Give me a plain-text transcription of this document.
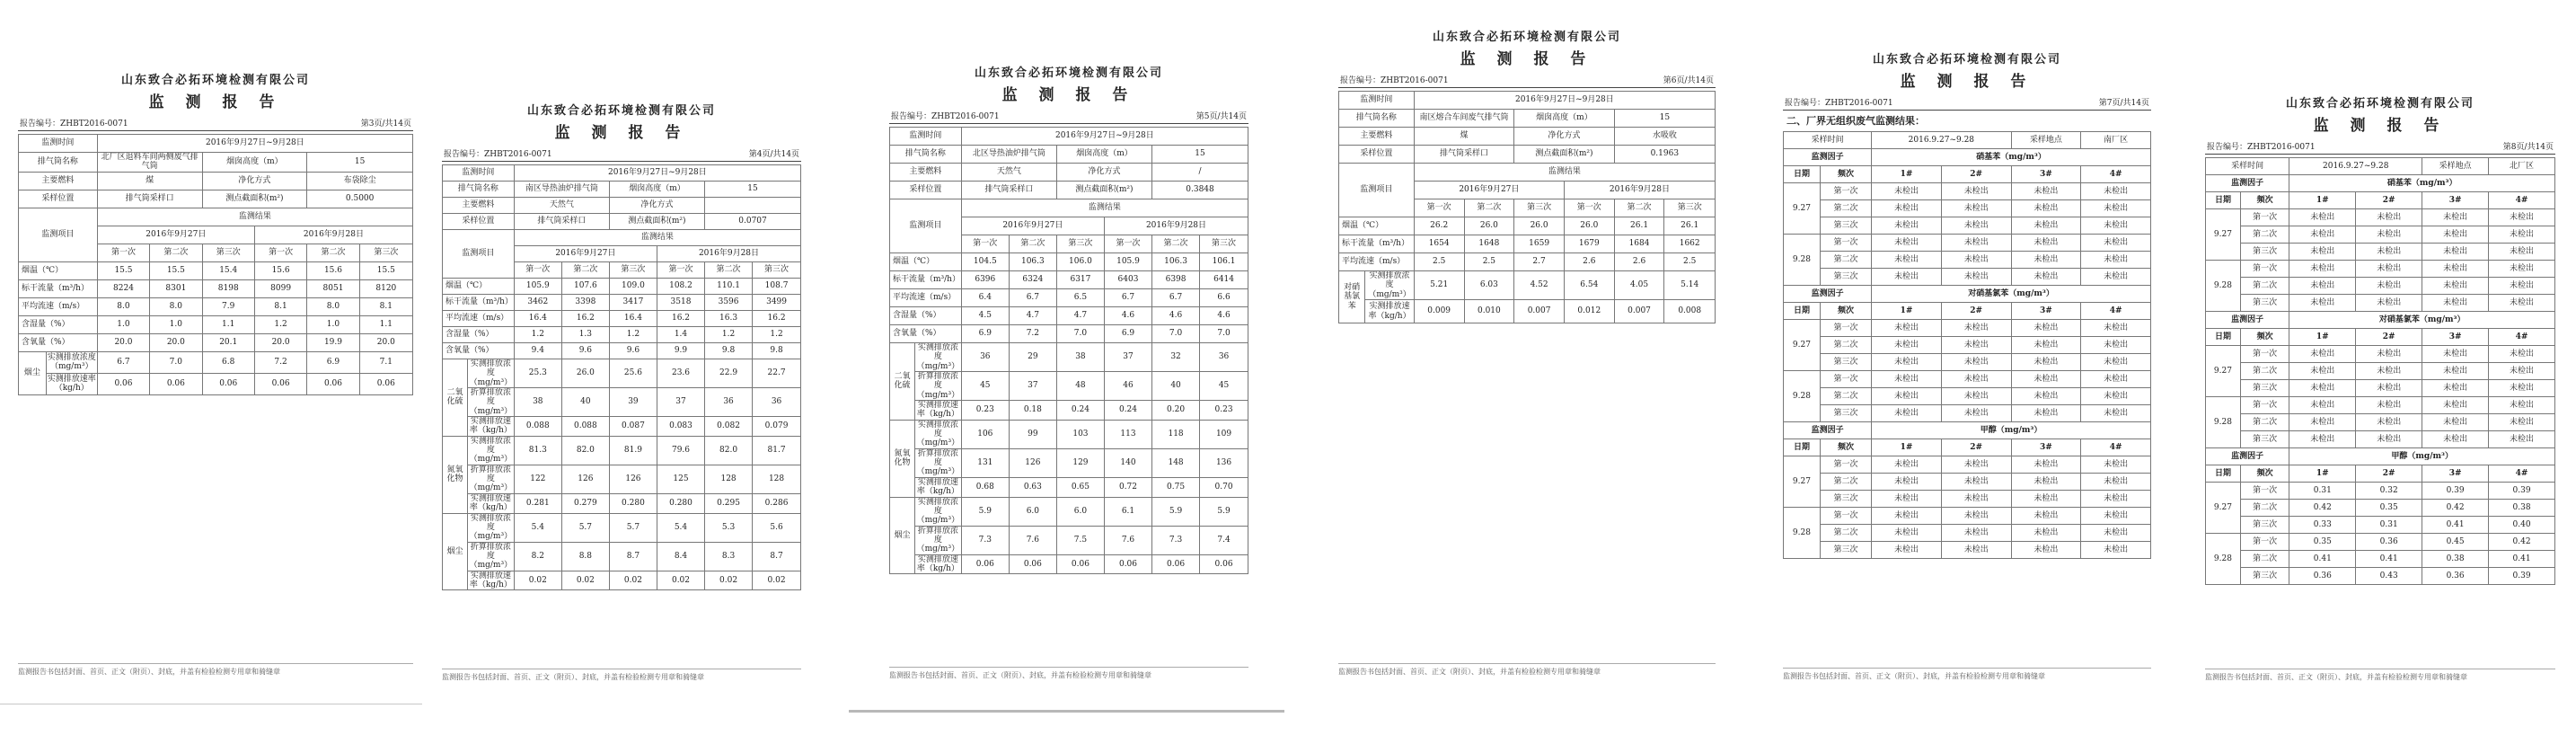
山东致合必拓环境检测有限公司
监 测 报 告
报告编号：ZHBT2016-0071	第3页/共14页
监测时间		2016年9月27日~9月28日					
排气筒名称		北厂区退料车间两侧废气排气筒		烟囱高度（m）		15	
主要燃料		煤		净化方式		布袋除尘	
采样位置		排气筒采样口		测点截面积(m²)		0.5000	
监测项目		监测结果					
		2016年9月27日			2016年9月28日		
		第一次	第二次	第三次	第一次	第二次	第三次
烟温（℃）		15.5	15.5	15.4	15.6	15.6	15.5
标干流量（m³/h）		8224	8301	8198	8099	8051	8120
平均流速（m/s）		8.0	8.0	7.9	8.1	8.0	8.1
含湿量（%）		1.0	1.0	1.1	1.2	1.0	1.1
含氧量（%）		20.0	20.0	20.1	20.0	19.9	20.0
烟尘	实测排放浓度（mg/m³）	6.7	7.0	6.8	7.2	6.9	7.1
	实测排放速率（kg/h）	0.06	0.06	0.06	0.06	0.06	0.06
监测报告书包括封面、首页、正文（附页）、封底，并盖有检验检测专用章和骑缝章
山东致合必拓环境检测有限公司
监 测 报 告
报告编号：ZHBT2016-0071	第4页/共14页
监测时间		2016年9月27日~9月28日					
排气筒名称		南区导热油炉排气筒		烟囱高度（m）		15	
主要燃料		天然气		净化方式			
采样位置		排气筒采样口		测点截面积(m²)		0.0707	
监测项目		监测结果					
		2016年9月27日			2016年9月28日		
		第一次	第二次	第三次	第一次	第二次	第三次
烟温（℃）		105.9	107.6	109.0	108.2	110.1	108.7
标干流量（m³/h）		3462	3398	3417	3518	3596	3499
平均流速（m/s）		16.4	16.2	16.4	16.2	16.3	16.2
含湿量（%）		1.2	1.3	1.2	1.4	1.2	1.2
含氧量（%）		9.4	9.6	9.6	9.9	9.8	9.8
二氧化硫	实测排放浓度（mg/m³）	25.3	26.0	25.6	23.6	22.9	22.7
	折算排放浓度（mg/m³）	38	40	39	37	36	36
	实测排放速率（kg/h）	0.088	0.088	0.087	0.083	0.082	0.079
氮氧化物	实测排放浓度（mg/m³）	81.3	82.0	81.9	79.6	82.0	81.7
	折算排放浓度（mg/m³）	122	126	126	125	128	128
	实测排放速率（kg/h）	0.281	0.279	0.280	0.280	0.295	0.286
烟尘	实测排放浓度（mg/m³）	5.4	5.7	5.7	5.4	5.3	5.6
	折算排放浓度（mg/m³）	8.2	8.8	8.7	8.4	8.3	8.7
	实测排放速率（kg/h）	0.02	0.02	0.02	0.02	0.02	0.02
监测报告书包括封面、首页、正文（附页）、封底，并盖有检验检测专用章和骑缝章
山东致合必拓环境检测有限公司
监 测 报 告
报告编号：ZHBT2016-0071	第5页/共14页
监测时间		2016年9月27日~9月28日					
排气筒名称		北区导热油炉排气筒		烟囱高度（m）		15	
主要燃料		天然气		净化方式		/	
采样位置		排气筒采样口		测点截面积(m²)		0.3848	
监测项目		监测结果					
		2016年9月27日			2016年9月28日		
		第一次	第二次	第三次	第一次	第二次	第三次
烟温（℃）		104.5	106.3	106.0	105.9	106.3	106.1
标干流量（m³/h）		6396	6324	6317	6403	6398	6414
平均流速（m/s）		6.4	6.7	6.5	6.7	6.7	6.6
含湿量（%）		4.5	4.7	4.7	4.6	4.6	4.6
含氧量（%）		6.9	7.2	7.0	6.9	7.0	7.0
二氧化硫	实测排放浓度（mg/m³）	36	29	38	37	32	36
	折算排放浓度（mg/m³）	45	37	48	46	40	45
	实测排放速率（kg/h）	0.23	0.18	0.24	0.24	0.20	0.23
氮氧化物	实测排放浓度（mg/m³）	106	99	103	113	118	109
	折算排放浓度（mg/m³）	131	126	129	140	148	136
	实测排放速率（kg/h）	0.68	0.63	0.65	0.72	0.75	0.70
烟尘	实测排放浓度（mg/m³）	5.9	6.0	6.0	6.1	5.9	5.9
	折算排放浓度（mg/m³）	7.3	7.6	7.5	7.6	7.3	7.4
	实测排放速率（kg/h）	0.06	0.06	0.06	0.06	0.06	0.06
监测报告书包括封面、首页、正文（附页）、封底，并盖有检验检测专用章和骑缝章
山东致合必拓环境检测有限公司
监 测 报 告
报告编号：ZHBT2016-0071	第6页/共14页
监测时间		2016年9月27日~9月28日					
排气筒名称		南区熔合车间废气排气筒		烟囱高度（m）		15	
主要燃料		煤		净化方式		水吸收	
采样位置		排气筒采样口		测点截面积(m²)		0.1963	
监测项目		监测结果					
		2016年9月27日			2016年9月28日		
		第一次	第二次	第三次	第一次	第二次	第三次
烟温（℃）		26.2	26.0	26.0	26.0	26.1	26.1
标干流量（m³/h）		1654	1648	1659	1679	1684	1662
平均流速（m/s）		2.5	2.5	2.7	2.6	2.6	2.5
对硝基氯苯	实测排放浓度（mg/m³）	5.21	6.03	4.52	6.54	4.05	5.14
	实测排放速率（kg/h）	0.009	0.010	0.007	0.012	0.007	0.008
监测报告书包括封面、首页、正文（附页）、封底，并盖有检验检测专用章和骑缝章
山东致合必拓环境检测有限公司
监 测 报 告
报告编号：ZHBT2016-0071	第7页/共14页
二、厂界无组织废气监测结果：
采样时间		2016.9.27~9.28		采样地点	南厂区
监测因子		硝基苯（mg/m³）			
日期	频次	1#	2#	3#	4#
9.27	第一次	未检出	未检出	未检出	未检出
	第二次	未检出	未检出	未检出	未检出
	第三次	未检出	未检出	未检出	未检出
9.28	第一次	未检出	未检出	未检出	未检出
	第二次	未检出	未检出	未检出	未检出
	第三次	未检出	未检出	未检出	未检出
监测因子		对硝基氯苯（mg/m³）			
日期	频次	1#	2#	3#	4#
9.27	第一次	未检出	未检出	未检出	未检出
	第二次	未检出	未检出	未检出	未检出
	第三次	未检出	未检出	未检出	未检出
9.28	第一次	未检出	未检出	未检出	未检出
	第二次	未检出	未检出	未检出	未检出
	第三次	未检出	未检出	未检出	未检出
监测因子		甲醇（mg/m³）			
日期	频次	1#	2#	3#	4#
9.27	第一次	未检出	未检出	未检出	未检出
	第二次	未检出	未检出	未检出	未检出
	第三次	未检出	未检出	未检出	未检出
9.28	第一次	未检出	未检出	未检出	未检出
	第二次	未检出	未检出	未检出	未检出
	第三次	未检出	未检出	未检出	未检出
监测报告书包括封面、首页、正文（附页）、封底，并盖有检验检测专用章和骑缝章
山东致合必拓环境检测有限公司
监 测 报 告
报告编号：ZHBT2016-0071	第8页/共14页
采样时间		2016.9.27~9.28		采样地点	北厂区
监测因子		硝基苯（mg/m³）			
日期	频次	1#	2#	3#	4#
9.27	第一次	未检出	未检出	未检出	未检出
	第二次	未检出	未检出	未检出	未检出
	第三次	未检出	未检出	未检出	未检出
9.28	第一次	未检出	未检出	未检出	未检出
	第二次	未检出	未检出	未检出	未检出
	第三次	未检出	未检出	未检出	未检出
监测因子		对硝基氯苯（mg/m³）			
日期	频次	1#	2#	3#	4#
9.27	第一次	未检出	未检出	未检出	未检出
	第二次	未检出	未检出	未检出	未检出
	第三次	未检出	未检出	未检出	未检出
9.28	第一次	未检出	未检出	未检出	未检出
	第二次	未检出	未检出	未检出	未检出
	第三次	未检出	未检出	未检出	未检出
监测因子		甲醇（mg/m³）			
日期	频次	1#	2#	3#	4#
9.27	第一次	0.31	0.32	0.39	0.39
	第二次	0.42	0.35	0.42	0.38
	第三次	0.33	0.31	0.41	0.40
9.28	第一次	0.35	0.36	0.45	0.42
	第二次	0.41	0.41	0.38	0.41
	第三次	0.36	0.43	0.36	0.39
监测报告书包括封面、首页、正文（附页）、封底，并盖有检验检测专用章和骑缝章
